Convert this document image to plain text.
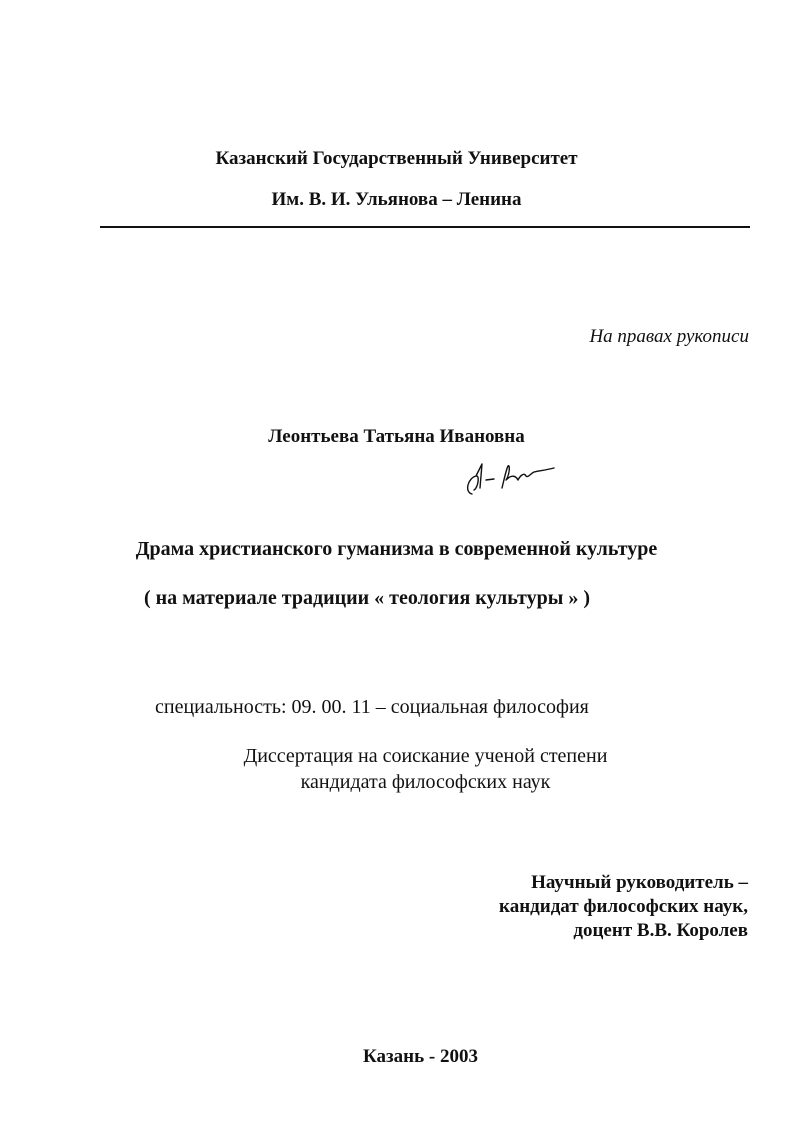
Казанский Государственный Университет
Им. В. И. Ульянова – Ленина
На правах рукописи
Леонтьева Татьяна Ивановна
Драма христианского гуманизма в современной культуре
( на материале традиции « теология культуры » )
специальность: 09. 00. 11 – социальная философия
Диссертация на соискание ученой степени
кандидата философских наук
Научный руководитель –
кандидат философских наук,
доцент В.В. Королев
Казань - 2003
